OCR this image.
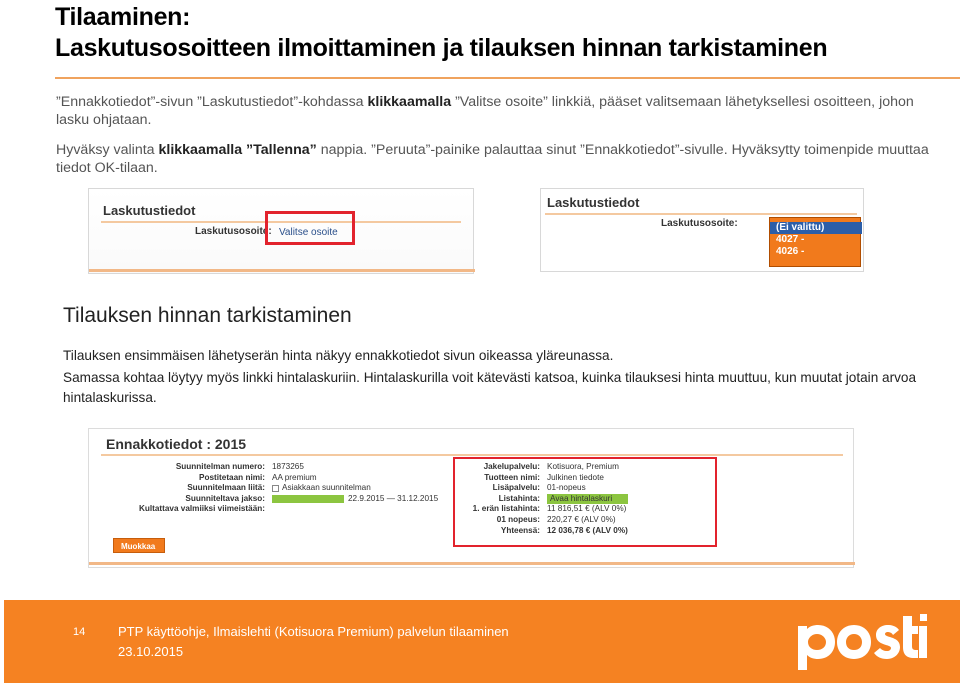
Tilaaminen:
Laskutusosoitteen ilmoittaminen ja tilauksen hinnan tarkistaminen
”Ennakkotiedot”-sivun ”Laskutustiedot”-kohdassa klikkaamalla ”Valitse osoite” linkkiä, pääset valitsemaan lähetyksellesi osoitteen, johon lasku ohjataan.
Hyväksy valinta klikkaamalla ”Tallenna” nappia. ”Peruuta”-painike palauttaa sinut ”Ennakkotiedot”-sivulle. Hyväksytty toimenpide muuttaa tiedot OK-tilaan.
Laskutustiedot
Laskutusosoite: Valitse osoite
Laskutustiedot
Laskutusosoite:	(Ei valittu)
4027 -
4026 -
Tilauksen hinnan tarkistaminen
Tilauksen ensimmäisen lähetyserän hinta näkyy ennakkotiedot sivun oikeassa yläreunassa.
Samassa kohtaa löytyy myös linkki hintalaskuriin. Hintalaskurilla voit kätevästi katsoa, kuinka tilauksesi hinta muuttuu, kun muutat jotain arvoa hintalaskurissa.
Ennakkotiedot : 2015
Suunnitelman numero:
Postitetaan nimi:
Suunnitelmaan liitä:
Suunniteltava jakso:
Kultattava valmiiksi viimeistään:
1873265
AA premium
Asiakkaan suunnitelman
22.9.2015 — 31.12.2015

Jakelupalvelu:
Tuotteen nimi:
Lisäpalvelu:
Listahinta:
1. erän listahinta:
01 nopeus:
Yhteensä:
Kotisuora, Premium
Julkinen tiedote
01-nopeus
Avaa hintalaskuri
11 816,51 € (ALV 0%)
220,27 € (ALV 0%)
12 036,78 € (ALV 0%)
Muokkaa
14	PTP käyttöohje, Ilmaislehti (Kotisuora Premium) palvelun tilaaminen
23.10.2015
